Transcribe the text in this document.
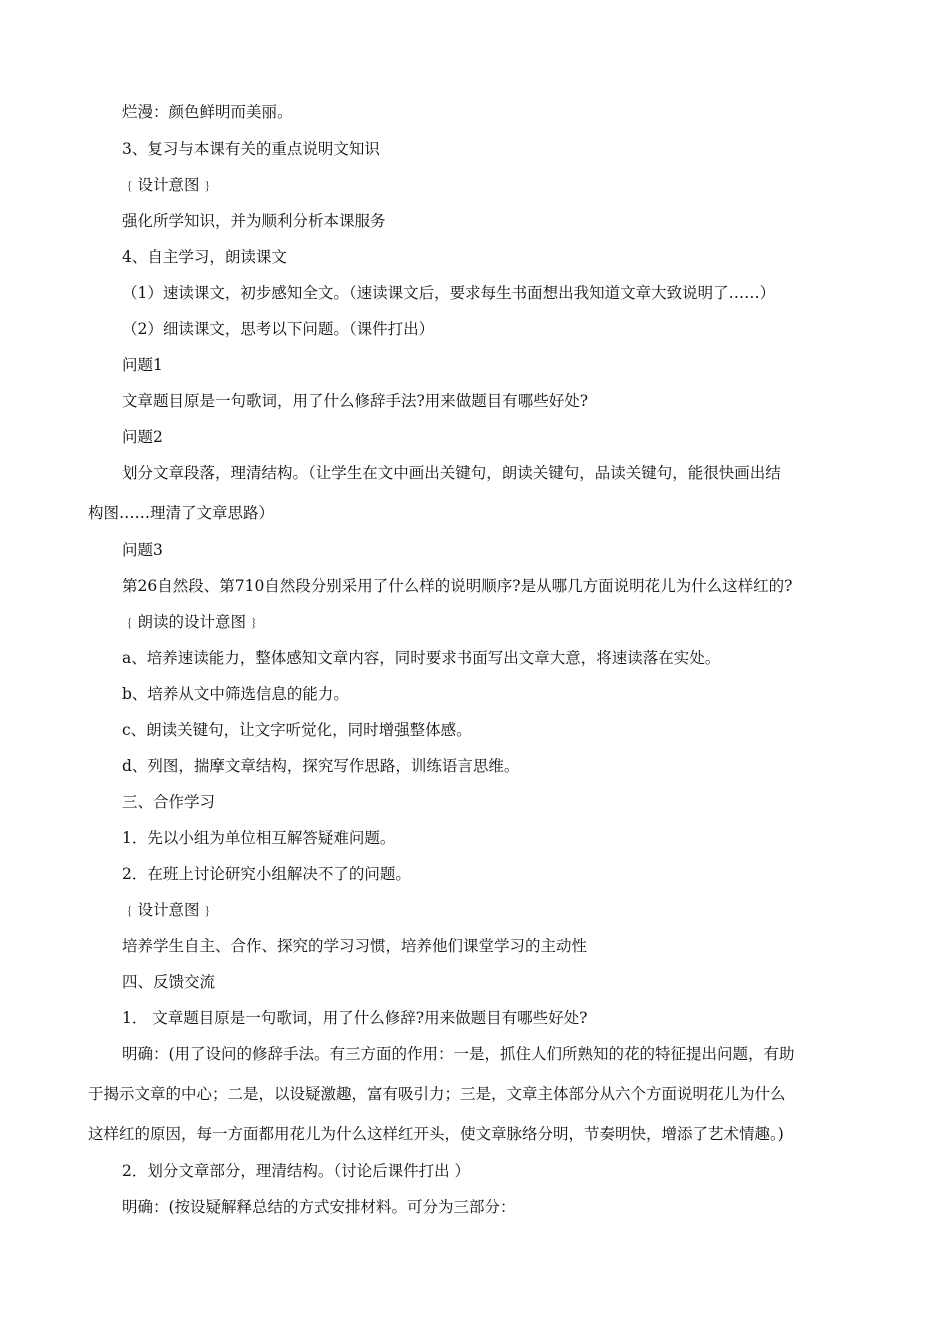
烂漫：颜色鲜明而美丽。
3、复习与本课有关的重点说明文知识
﹛设计意图﹜
强化所学知识，并为顺利分析本课服务
4、自主学习，朗读课文
（1）速读课文，初步感知全文。（速读课文后，要求每生书面想出我知道文章大致说明了……）
（2）细读课文，思考以下问题。（课件打出）
问题1
文章题目原是一句歌词，用了什么修辞手法?用来做题目有哪些好处?
问题2
划分文章段落，理清结构。（让学生在文中画出关键句，朗读关键句，品读关键句，能很快画出结
构图……理清了文章思路）
问题3
第26自然段、第710自然段分别采用了什么样的说明顺序?是从哪几方面说明花儿为什么这样红的?
﹛朗读的设计意图﹜
a、培养速读能力，整体感知文章内容，同时要求书面写出文章大意，将速读落在实处。
b、培养从文中筛选信息的能力。
c、朗读关键句，让文字听觉化，同时增强整体感。
d、列图，揣摩文章结构，探究写作思路，训练语言思维。
三、合作学习
1．先以小组为单位相互解答疑难问题。
2．在班上讨论研究小组解决不了的问题。
﹛设计意图﹜
培养学生自主、合作、探究的学习习惯，培养他们课堂学习的主动性
四、反馈交流
1． 文章题目原是一句歌词，用了什么修辞?用来做题目有哪些好处?
明确：(用了设问的修辞手法。有三方面的作用：一是，抓住人们所熟知的花的特征提出问题，有助
于揭示文章的中心；二是，以设疑激趣，富有吸引力；三是，文章主体部分从六个方面说明花儿为什么
这样红的原因，每一方面都用花儿为什么这样红开头，使文章脉络分明，节奏明快，增添了艺术情趣。)
2．划分文章部分，理清结构。（讨论后课件打出 ）
明确：(按设疑解释总结的方式安排材料。可分为三部分：
